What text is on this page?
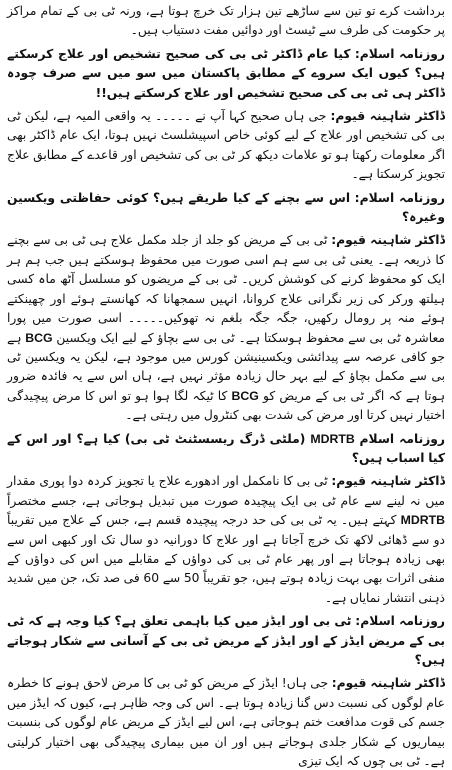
برداشت کرے تو تین سے ساڑھے تین ہزار تک خرچ ہوتا ہے، ورنہ ٹی بی کے تمام مراکز پر حکومت کی طرف سے ٹیسٹ اور دوائیں مفت دستیاب ہیں۔

روزنامہ اسلام: کیا عام ڈاکٹر ٹی بی کی صحیح تشخیص اور علاج کرسکتے ہیں؟ کیوں ایک سروے کے مطابق پاکستان میں سو میں سے صرف چودہ ڈاکٹر ہی ٹی بی کی صحیح تشخیص اور علاج کرسکتے ہیں!!

ڈاکٹر شاہینہ قیوم: جی ہاں صحیح کہا آپ نے ۔۔۔۔۔ یہ واقعی المیہ ہے، لیکن ٹی بی کی تشخیص اور علاج کے لیے کوئی خاص اسپیشلسٹ نہیں ہوتا، ایک عام ڈاکٹر بھی اگر معلومات رکھتا ہو تو علامات دیکھ کر ٹی بی کی تشخیص اور قاعدے کے مطابق علاج تجویز کرسکتا ہے۔

روزنامہ اسلام: اس سے بچنے کے کیا طریقے ہیں؟ کوئی حفاظتی ویکسین وغیرہ؟

ڈاکٹر شاہینہ قیوم: ٹی بی کے مریض کو جلد از جلد مکمل علاج ہی ٹی بی سے بچنے کا ذریعہ ہے۔ یعنی ٹی بی سے ہم اسی صورت میں محفوظ ہوسکتے ہیں جب ہم ہر ایک کو محفوظ کرنے کی کوشش کریں۔ ٹی بی کے مریضوں کو مسلسل آٹھ ماہ کسی ہیلتھ ورکر کی زیر نگرانی علاج کروانا، انہیں سمجھانا کہ کھانستے ہوئے اور چھینکتے ہوئے منہ پر رومال رکھیں، جگہ جگہ بلغم نہ تھوکیں۔۔۔۔۔ اسی صورت میں پورا معاشرہ ٹی بی سے محفوظ ہوسکتا ہے۔ ٹی بی سے بچاؤ کے لیے ایک ویکسین BCG ہے جو کافی عرصہ سے پیدائشی ویکسینیشن کورس میں موجود ہے، لیکن یہ ویکسین ٹی بی سے مکمل بچاؤ کے لیے بہر حال زیادہ مؤثر نہیں ہے، ہاں اس سے یہ فائدہ ضرور ہوتا ہے کہ اگر ٹی بی کے مریض کو BCG کا ٹیکہ لگا ہوا ہو تو اس کا مرض پیچیدگی اختیار نہیں کرتا اور مرض کی شدت بھی کنٹرول میں رہتی ہے۔

روزنامہ اسلام MDRTB (ملٹی ڈرگ ریسسٹنٹ ٹی بی) کیا ہے؟ اور اس کے کیا اسباب ہیں؟

ڈاکٹر شاہینہ قیوم: ٹی بی کا نامکمل اور ادھورے علاج یا تجویز کردہ دوا پوری مقدار میں نہ لینے سے عام ٹی بی ایک پیچیدہ صورت میں تبدیل ہوجاتی ہے، جسے مختصراً MDRTB کہتے ہیں۔ یہ ٹی بی کی حد درجہ پیچیدہ قسم ہے، جس کے علاج میں تقریباً دو سے ڈھائی لاکھ تک خرچ آجاتا ہے اور علاج کا دورانیہ دو سال تک اور کبھی اس سے بھی زیادہ ہوجاتا ہے اور پھر عام ٹی بی کی دواؤں کے مقابلے میں اس کی دواؤں کے منفی اثرات بھی بہت زیادہ ہوتے ہیں، جو تقریباً 50 سے 60 فی صد تک، جن میں شدید ذہنی انتشار نمایاں ہے۔

روزنامہ اسلام: ٹی بی اور ایڈز میں کیا باہمی تعلق ہے؟ کیا وجہ ہے کہ ٹی بی کے مریض ایڈز کے اور ایڈز کے مریض ٹی بی کے آسانی سے شکار ہوجاتے ہیں؟

ڈاکٹر شاہینہ قیوم: جی ہاں! ایڈز کے مریض کو ٹی بی کا مرض لاحق ہونے کا خطرہ عام لوگوں کی نسبت دس گنا زیادہ ہوتا ہے۔ اس کی وجہ ظاہر ہے، کیوں کہ ایڈز میں جسم کی قوت مدافعت ختم ہوجاتی ہے، اس لیے ایڈز کے مریض عام لوگوں کی بنسبت بیماریوں کے شکار جلدی ہوجاتے ہیں اور ان میں بیماری پیچیدگی بھی اختیار کرلیتی ہے۔ ٹی بی چوں کہ ایک تیزی
